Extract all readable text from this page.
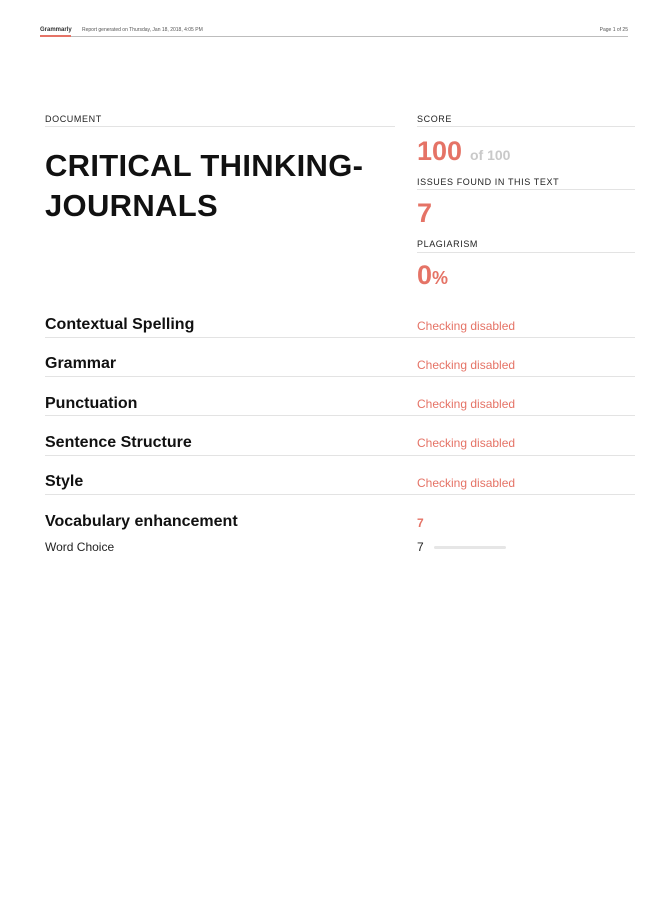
Grammarly Report generated on Thursday, Jan 18, 2018, 4:05 PM	Page 1 of 25
DOCUMENT
CRITICAL THINKING-JOURNALS
SCORE
100 of 100
ISSUES FOUND IN THIS TEXT
7
PLAGIARISM
0%
Contextual Spelling	Checking disabled
Grammar	Checking disabled
Punctuation	Checking disabled
Sentence Structure	Checking disabled
Style	Checking disabled
Vocabulary enhancement	7
Word Choice	7
